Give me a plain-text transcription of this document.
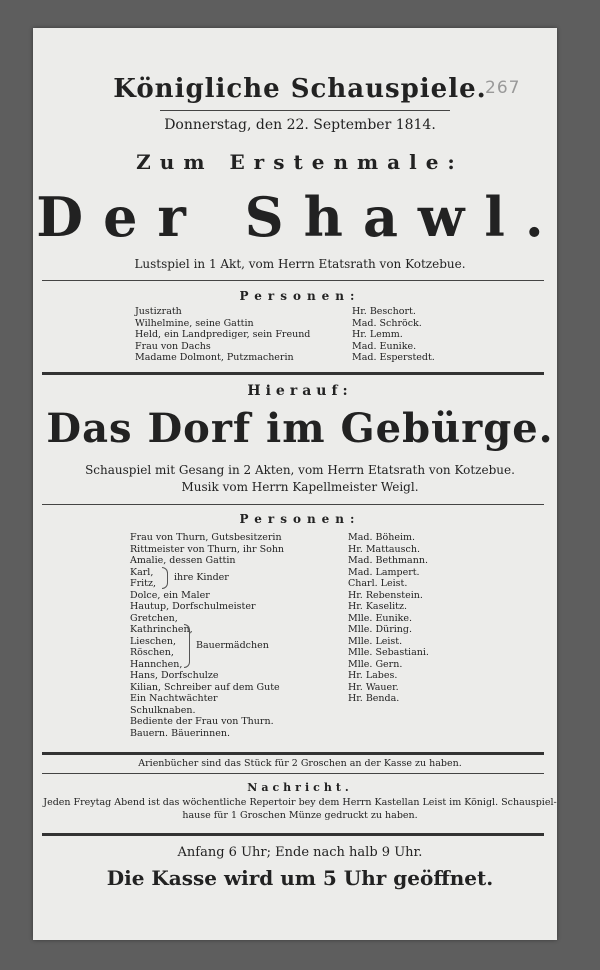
267
Königliche Schauspiele.
Donnerstag, den 22. September 1814.
Zum Erstenmale:
Der Shawl.
Lustspiel in 1 Akt, vom Herrn Etatsrath von Kotzebue.
Personen:
Justizrath
Wilhelmine, seine Gattin
Held, ein Landprediger, sein Freund
Frau von Dachs
Madame Dolmont, Putzmacherin
Hr. Beschort.
Mad. Schröck.
Hr. Lemm.
Mad. Eunike.
Mad. Esperstedt.
Hierauf:
Das Dorf im Gebürge.
Schauspiel mit Gesang in 2 Akten, vom Herrn Etatsrath von Kotzebue.
Musik vom Herrn Kapellmeister Weigl.
Personen:
Frau von Thurn, Gutsbesitzerin
Rittmeister von Thurn, ihr Sohn
Amalie, dessen Gattin
Karl,
Fritz,
Dolce, ein Maler
Hautup, Dorfschulmeister
Gretchen,
Kathrinchen,
Lieschen,
Röschen,
Hannchen,
Hans, Dorfschulze
Kilian, Schreiber auf dem Gute
Ein Nachtwächter
Schulknaben.
Bediente der Frau von Thurn.
Bauern. Bäuerinnen.
ihre Kinder
Bauermädchen
Mad. Böheim.
Hr. Mattausch.
Mad. Bethmann.
Mad. Lampert.
Charl. Leist.
Hr. Rebenstein.
Hr. Kaselitz.
Mlle. Eunike.
Mlle. Düring.
Mlle. Leist.
Mlle. Sebastiani.
Mlle. Gern.
Hr. Labes.
Hr. Wauer.
Hr. Benda.
Arienbücher sind das Stück für 2 Groschen an der Kasse zu haben.
Nachricht.
Jeden Freytag Abend ist das wöchentliche Repertoir bey dem Herrn Kastellan Leist im Königl. Schauspiel-
hause für 1 Groschen Münze gedruckt zu haben.
Anfang 6 Uhr; Ende nach halb 9 Uhr.
Die Kasse wird um 5 Uhr geöffnet.
